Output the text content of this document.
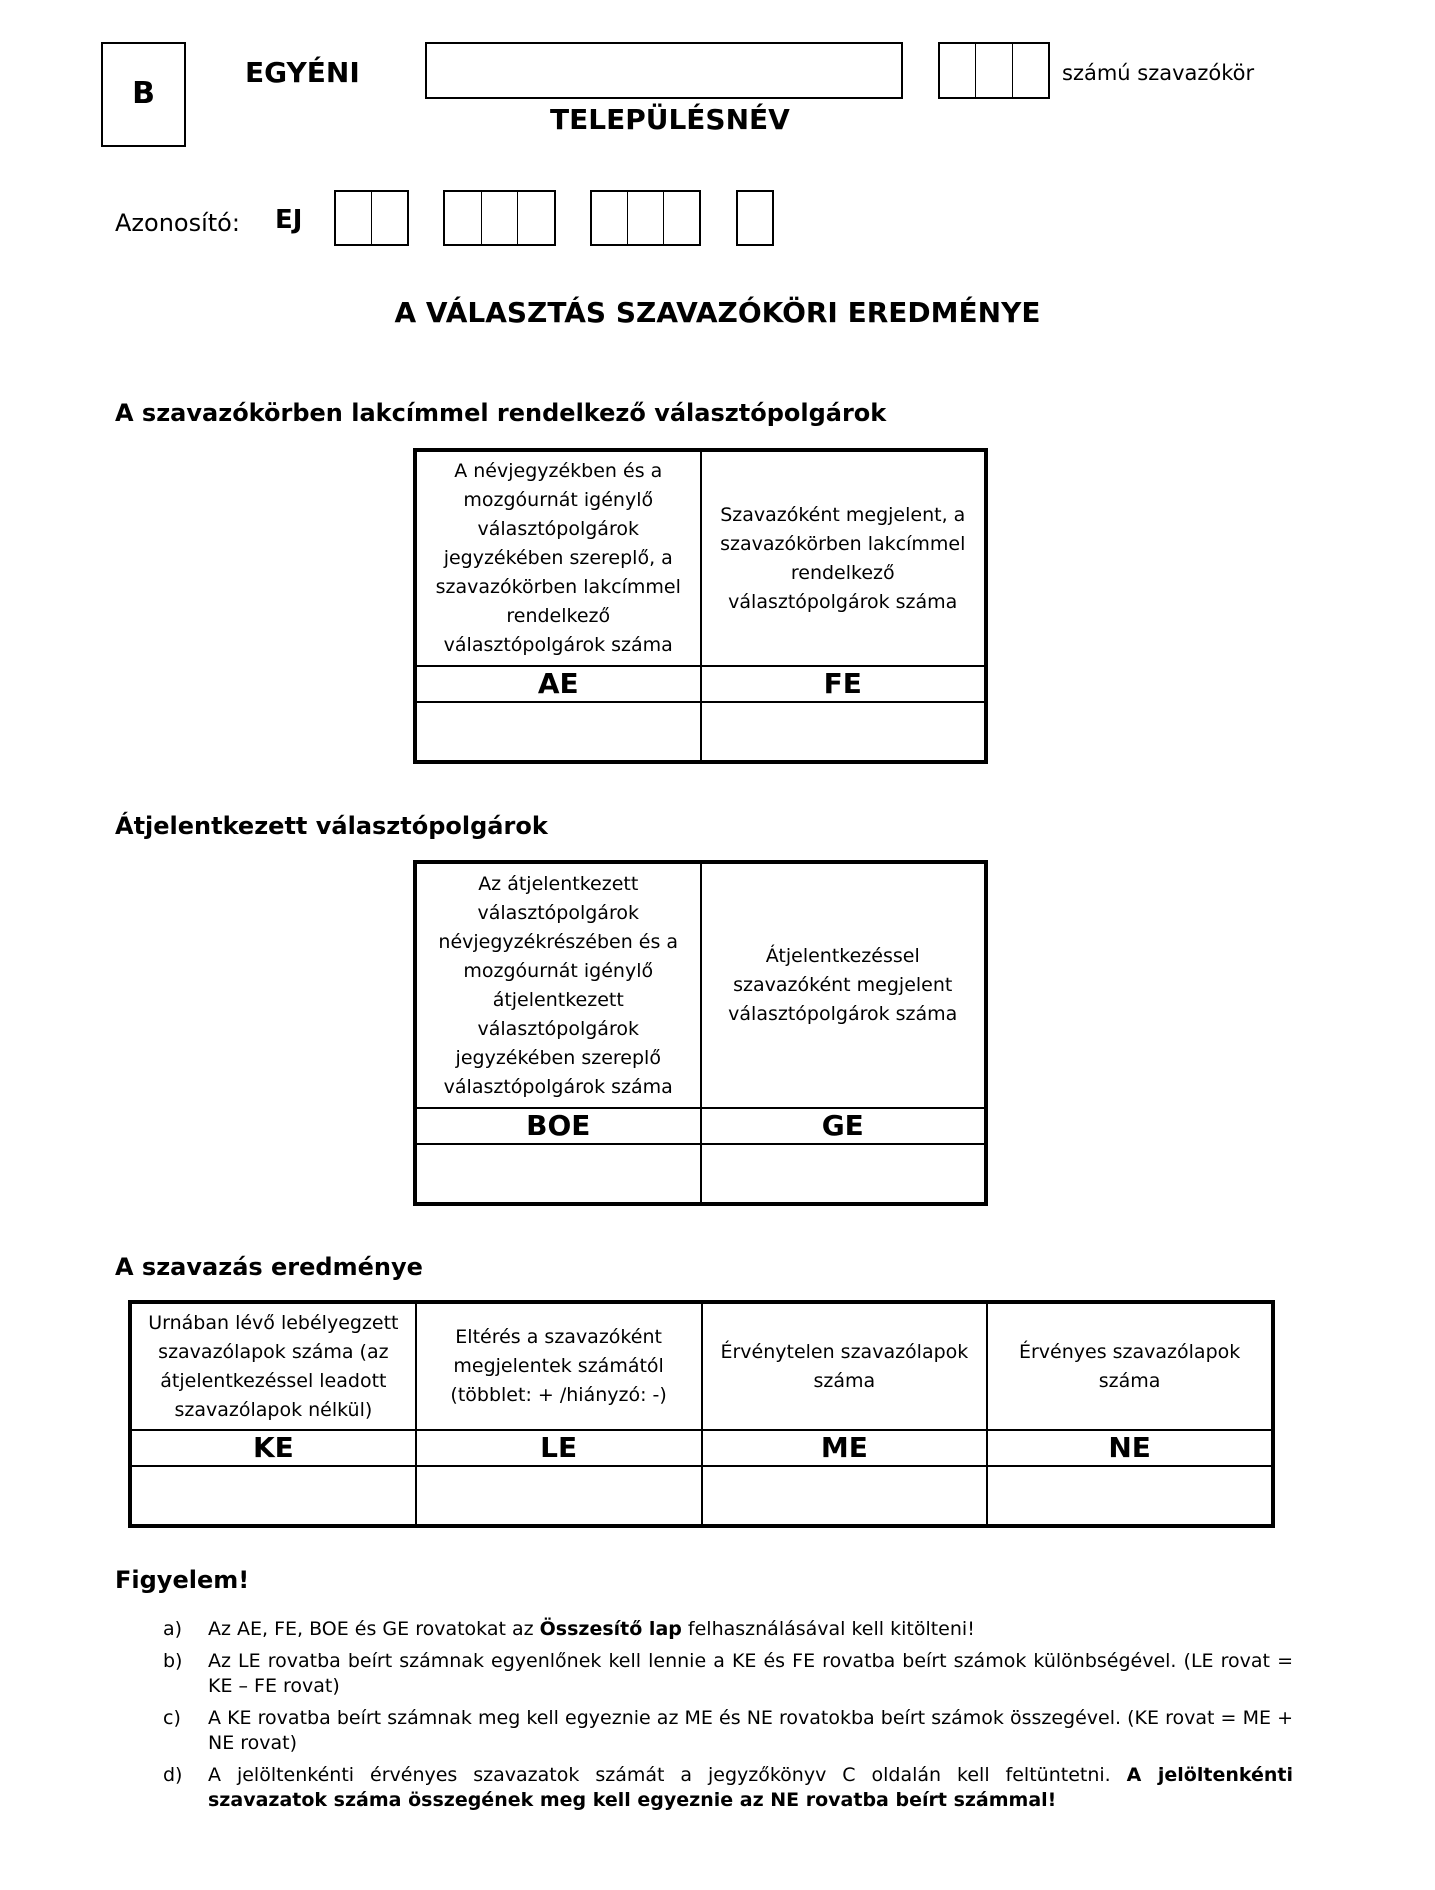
B
EGYÉNI
TELEPÜLÉSNÉV
számú szavazókör
Azonosító: EJ
A VÁLASZTÁS SZAVAZÓKÖRI EREDMÉNYE
A szavazókörben lakcímmel rendelkező választópolgárok
A névjegyzékben és a mozgóurnát igénylő választópolgárok jegyzékében szereplő, a szavazókörben lakcímmel rendelkező választópolgárok száma	Szavazóként megjelent, a szavazókörben lakcímmel rendelkező választópolgárok száma
AE	FE

Átjelentkezett választópolgárok
Az átjelentkezett választópolgárok névjegyzékrészében és a mozgóurnát igénylő átjelentkezett választópolgárok jegyzékében szereplő választópolgárok száma	Átjelentkezéssel szavazóként megjelent választópolgárok száma
BOE	GE

A szavazás eredménye
Urnában lévő lebélyegzett szavazólapok száma (az átjelentkezéssel leadott szavazólapok nélkül)	Eltérés a szavazóként megjelentek számától (többlet: + /hiányzó: -)	Érvénytelen szavazólapok száma	Érvényes szavazólapok száma
KE	LE	ME	NE

Figyelem!
a)	Az AE, FE, BOE és GE rovatokat az Összesítő lap felhasználásával kell kitölteni!
b)	Az LE rovatba beírt számnak egyenlőnek kell lennie a KE és FE rovatba beírt számok különbségével. (LE rovat = KE – FE rovat)
c)	A KE rovatba beírt számnak meg kell egyeznie az ME és NE rovatokba beírt számok összegével. (KE rovat = ME + NE rovat)
d)	A jelöltenkénti érvényes szavazatok számát a jegyzőkönyv C oldalán kell feltüntetni. A jelöltenkénti szavazatok száma összegének meg kell egyeznie az NE rovatba beírt számmal!
